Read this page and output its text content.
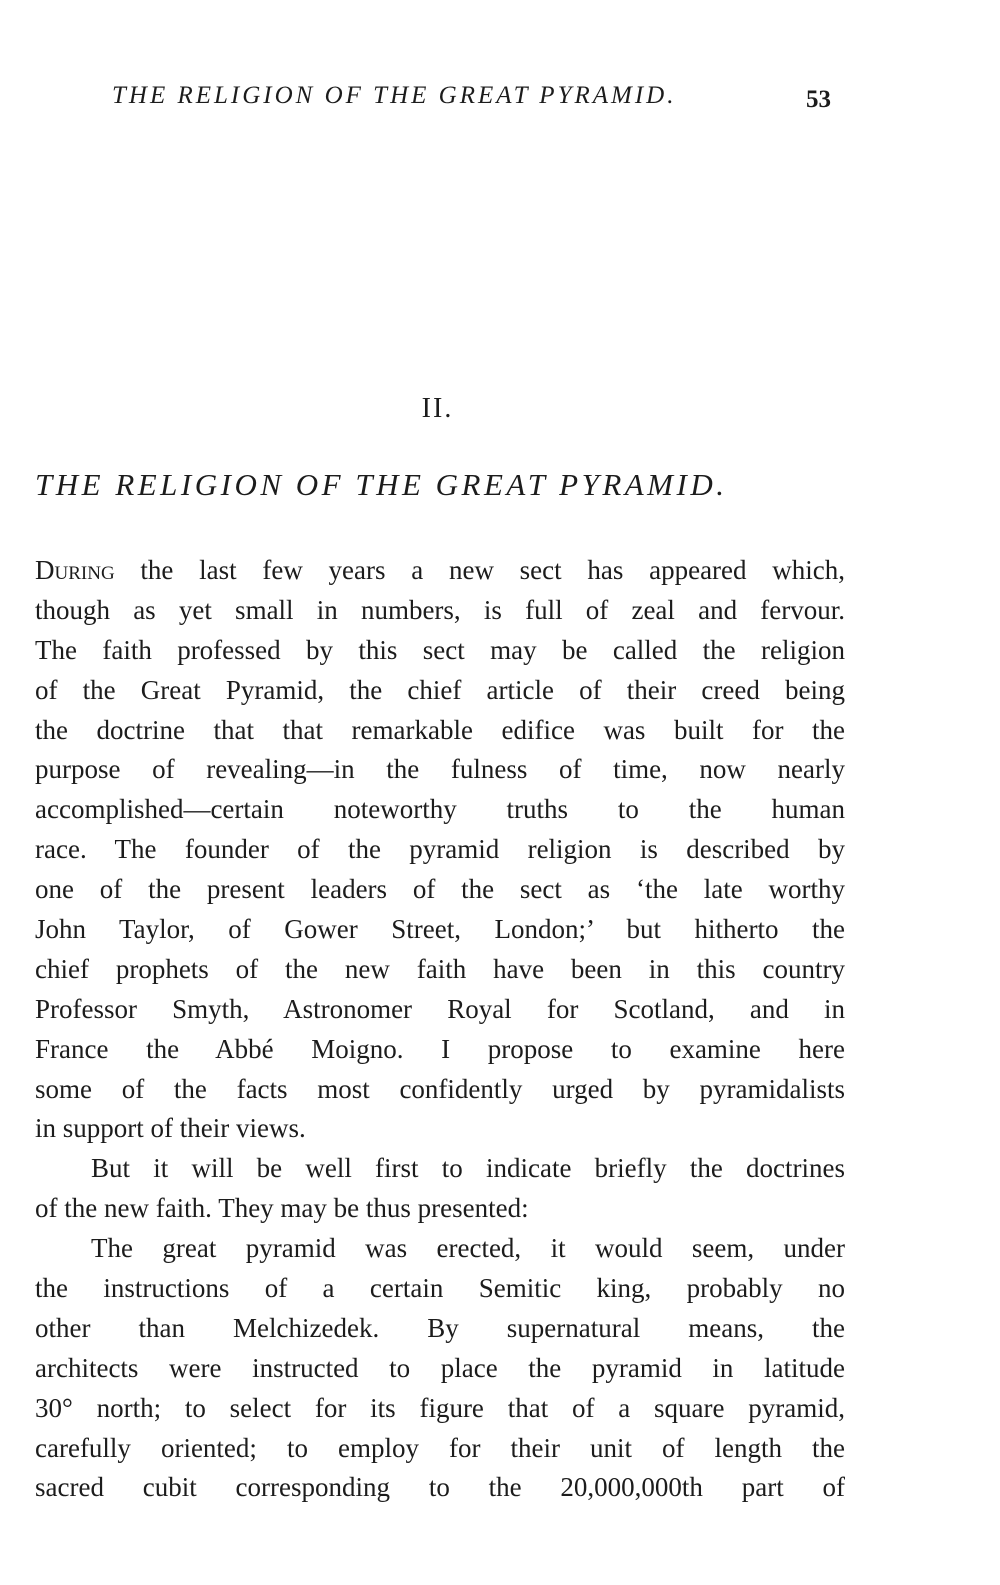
THE RELIGION OF THE GREAT PYRAMID.	53
II.
THE RELIGION OF THE GREAT PYRAMID.
During the last few years a new sect has appeared which,
though as yet small in numbers, is full of zeal and fervour.
The faith professed by this sect may be called the religion
of the Great Pyramid, the chief article of their creed being
the doctrine that that remarkable edifice was built for the
purpose of revealing—in the fulness of time, now nearly
accomplished—certain noteworthy truths to the human
race. The founder of the pyramid religion is described by
one of the present leaders of the sect as ‘the late worthy
John Taylor, of Gower Street, London;’ but hitherto the
chief prophets of the new faith have been in this country
Professor Smyth, Astronomer Royal for Scotland, and in
France the Abbé Moigno. I propose to examine here
some of the facts most confidently urged by pyramidalists
in support of their views.
But it will be well first to indicate briefly the doctrines
of the new faith. They may be thus presented:
The great pyramid was erected, it would seem, under
the instructions of a certain Semitic king, probably no
other than Melchizedek. By supernatural means, the
architects were instructed to place the pyramid in latitude
30° north; to select for its figure that of a square pyramid,
carefully oriented; to employ for their unit of length the
sacred cubit corresponding to the 20,000,000th part of
